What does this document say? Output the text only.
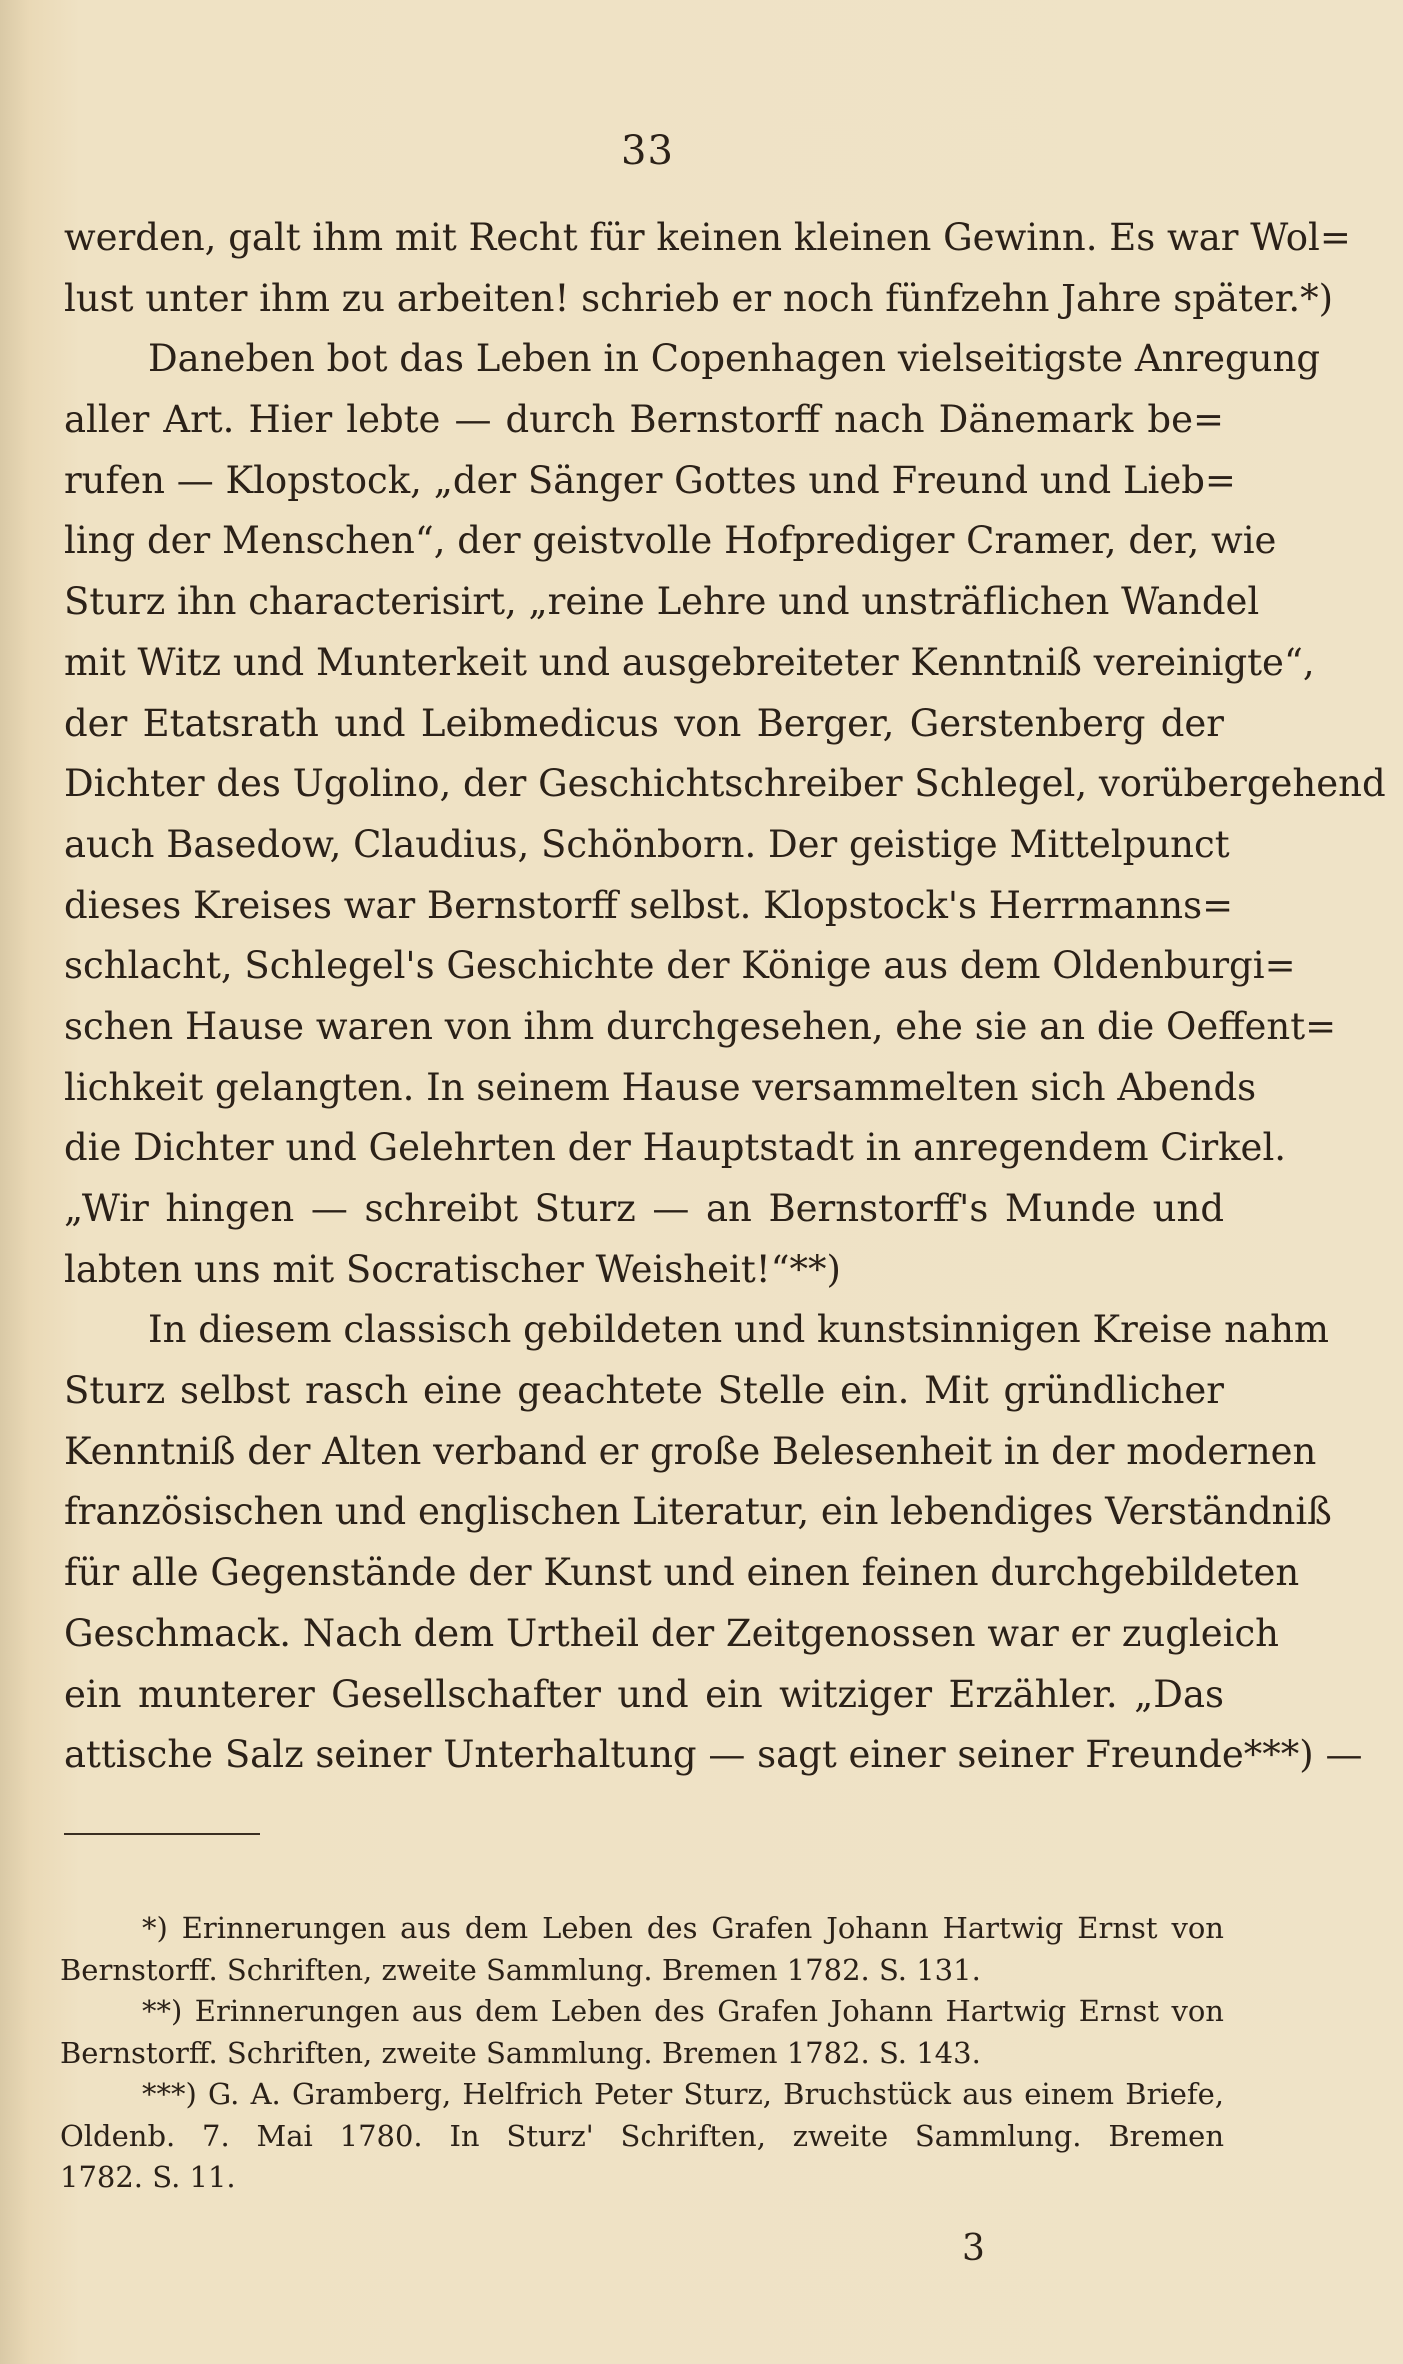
33
werden, galt ihm mit Recht für keinen kleinen Gewinn. Es war Wol=
lust unter ihm zu arbeiten! schrieb er noch fünfzehn Jahre später.*)
Daneben bot das Leben in Copenhagen vielseitigste Anregung
aller Art. Hier lebte — durch Bernstorff nach Dänemark be=
rufen — Klopstock, „der Sänger Gottes und Freund und Lieb=
ling der Menschen“, der geistvolle Hofprediger Cramer, der, wie
Sturz ihn characterisirt, „reine Lehre und unsträflichen Wandel
mit Witz und Munterkeit und ausgebreiteter Kenntniß vereinigte“,
der Etatsrath und Leibmedicus von Berger, Gerstenberg der
Dichter des Ugolino, der Geschichtschreiber Schlegel, vorübergehend
auch Basedow, Claudius, Schönborn. Der geistige Mittelpunct
dieses Kreises war Bernstorff selbst. Klopstock's Herrmanns=
schlacht, Schlegel's Geschichte der Könige aus dem Oldenburgi=
schen Hause waren von ihm durchgesehen, ehe sie an die Oeffent=
lichkeit gelangten. In seinem Hause versammelten sich Abends
die Dichter und Gelehrten der Hauptstadt in anregendem Cirkel.
„Wir hingen — schreibt Sturz — an Bernstorff's Munde und
labten uns mit Socratischer Weisheit!“**)
In diesem classisch gebildeten und kunstsinnigen Kreise nahm
Sturz selbst rasch eine geachtete Stelle ein. Mit gründlicher
Kenntniß der Alten verband er große Belesenheit in der modernen
französischen und englischen Literatur, ein lebendiges Verständniß
für alle Gegenstände der Kunst und einen feinen durchgebildeten
Geschmack. Nach dem Urtheil der Zeitgenossen war er zugleich
ein munterer Gesellschafter und ein witziger Erzähler. „Das
attische Salz seiner Unterhaltung — sagt einer seiner Freunde***) —
*) Erinnerungen aus dem Leben des Grafen Johann Hartwig Ernst von
Bernstorff. Schriften, zweite Sammlung. Bremen 1782. S. 131.
**) Erinnerungen aus dem Leben des Grafen Johann Hartwig Ernst von
Bernstorff. Schriften, zweite Sammlung. Bremen 1782. S. 143.
***) G. A. Gramberg, Helfrich Peter Sturz, Bruchstück aus einem Briefe,
Oldenb. 7. Mai 1780. In Sturz' Schriften, zweite Sammlung. Bremen
1782. S. 11.
3
